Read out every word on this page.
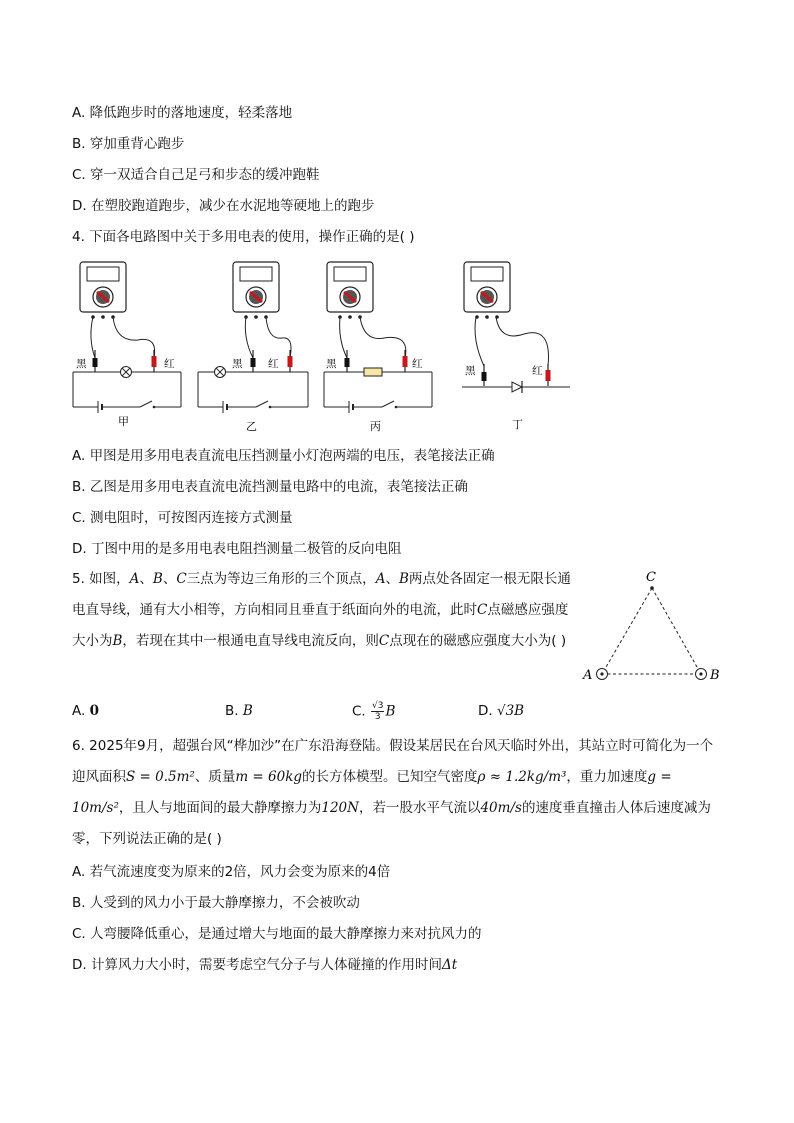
A. 降低跑步时的落地速度，轻柔落地
B. 穿加重背心跑步
C. 穿一双适合自己足弓和步态的缓冲跑鞋
D. 在塑胶跑道跑步，减少在水泥地等硬地上的跑步
4. 下面各电路图中关于多用电表的使用，操作正确的是( )
黑	红
甲
黑 红
乙
黑	红
丙
黑	红
丁
A. 甲图是用多用电表直流电压挡测量小灯泡两端的电压，表笔接法正确
B. 乙图是用多用电表直流电流挡测量电路中的电流，表笔接法正确
C. 测电阻时，可按图丙连接方式测量
D. 丁图中用的是多用电表电阻挡测量二极管的反向电阻
5. 如图，A、B、C三点为等边三角形的三个顶点，A、B两点处各固定一根无限长通电直导线，通有大小相等，方向相同且垂直于纸面向外的电流，此时C点磁感应强度大小为B，若现在其中一根通电直导线电流反向，则C点现在的磁感应强度大小为( )
C
A	B
A. 0	B. B	C. $\frac{√3}{3}$ B	D. √3B
6. 2025年9月，超强台风“桦加沙”在广东沿海登陆。假设某居民在台风天临时外出，其站立时可简化为一个迎风面积S = 0.5m²、质量m = 60kg的长方体模型。已知空气密度ρ ≈ 1.2kg/m³，重力加速度g = 10m/s²，且人与地面间的最大静摩擦力为120N，若一股水平气流以40m/s的速度垂直撞击人体后速度减为零，下列说法正确的是( )
A. 若气流速度变为原来的2倍，风力会变为原来的4倍
B. 人受到的风力小于最大静摩擦力，不会被吹动
C. 人弯腰降低重心，是通过增大与地面的最大静摩擦力来对抗风力的
D. 计算风力大小时，需要考虑空气分子与人体碰撞的作用时间Δt
